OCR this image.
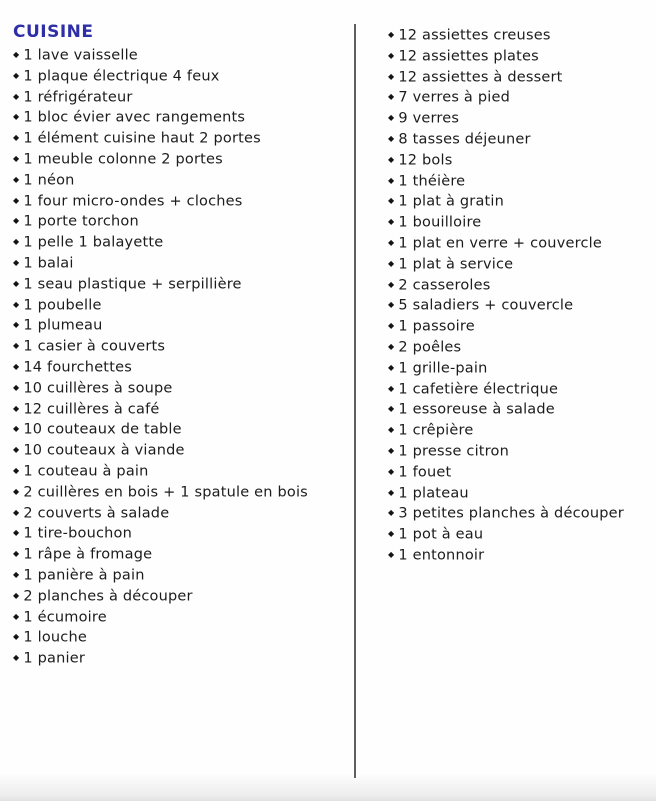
CUISINE
◆ 1 lave vaisselle
◆ 1 plaque électrique 4 feux
◆ 1 réfrigérateur
◆ 1 bloc évier avec rangements
◆ 1 élément cuisine haut 2 portes
◆ 1 meuble colonne 2 portes
◆ 1 néon
◆ 1 four micro-ondes + cloches
◆ 1 porte torchon
◆ 1 pelle 1 balayette
◆ 1 balai
◆ 1 seau plastique + serpillière
◆ 1 poubelle
◆ 1 plumeau
◆ 1 casier à couverts
◆ 14 fourchettes
◆ 10 cuillères à soupe
◆ 12 cuillères à café
◆ 10 couteaux de table
◆ 10 couteaux à viande
◆ 1 couteau à pain
◆ 2 cuillères en bois + 1 spatule en bois
◆ 2 couverts à salade
◆ 1 tire-bouchon
◆ 1 râpe à fromage
◆ 1 panière à pain
◆ 2 planches à découper
◆ 1 écumoire
◆ 1 louche
◆ 1 panier
◆ 12 assiettes creuses
◆ 12 assiettes plates
◆ 12 assiettes à dessert
◆ 7 verres à pied
◆ 9 verres
◆ 8 tasses déjeuner
◆ 12 bols
◆ 1 théière
◆ 1 plat à gratin
◆ 1 bouilloire
◆ 1 plat en verre + couvercle
◆ 1 plat à service
◆ 2 casseroles
◆ 5 saladiers + couvercle
◆ 1 passoire
◆ 2 poêles
◆ 1 grille-pain
◆ 1 cafetière électrique
◆ 1 essoreuse à salade
◆ 1 crêpière
◆ 1 presse citron
◆ 1 fouet
◆ 1 plateau
◆ 3 petites planches à découper
◆ 1 pot à eau
◆ 1 entonnoir
